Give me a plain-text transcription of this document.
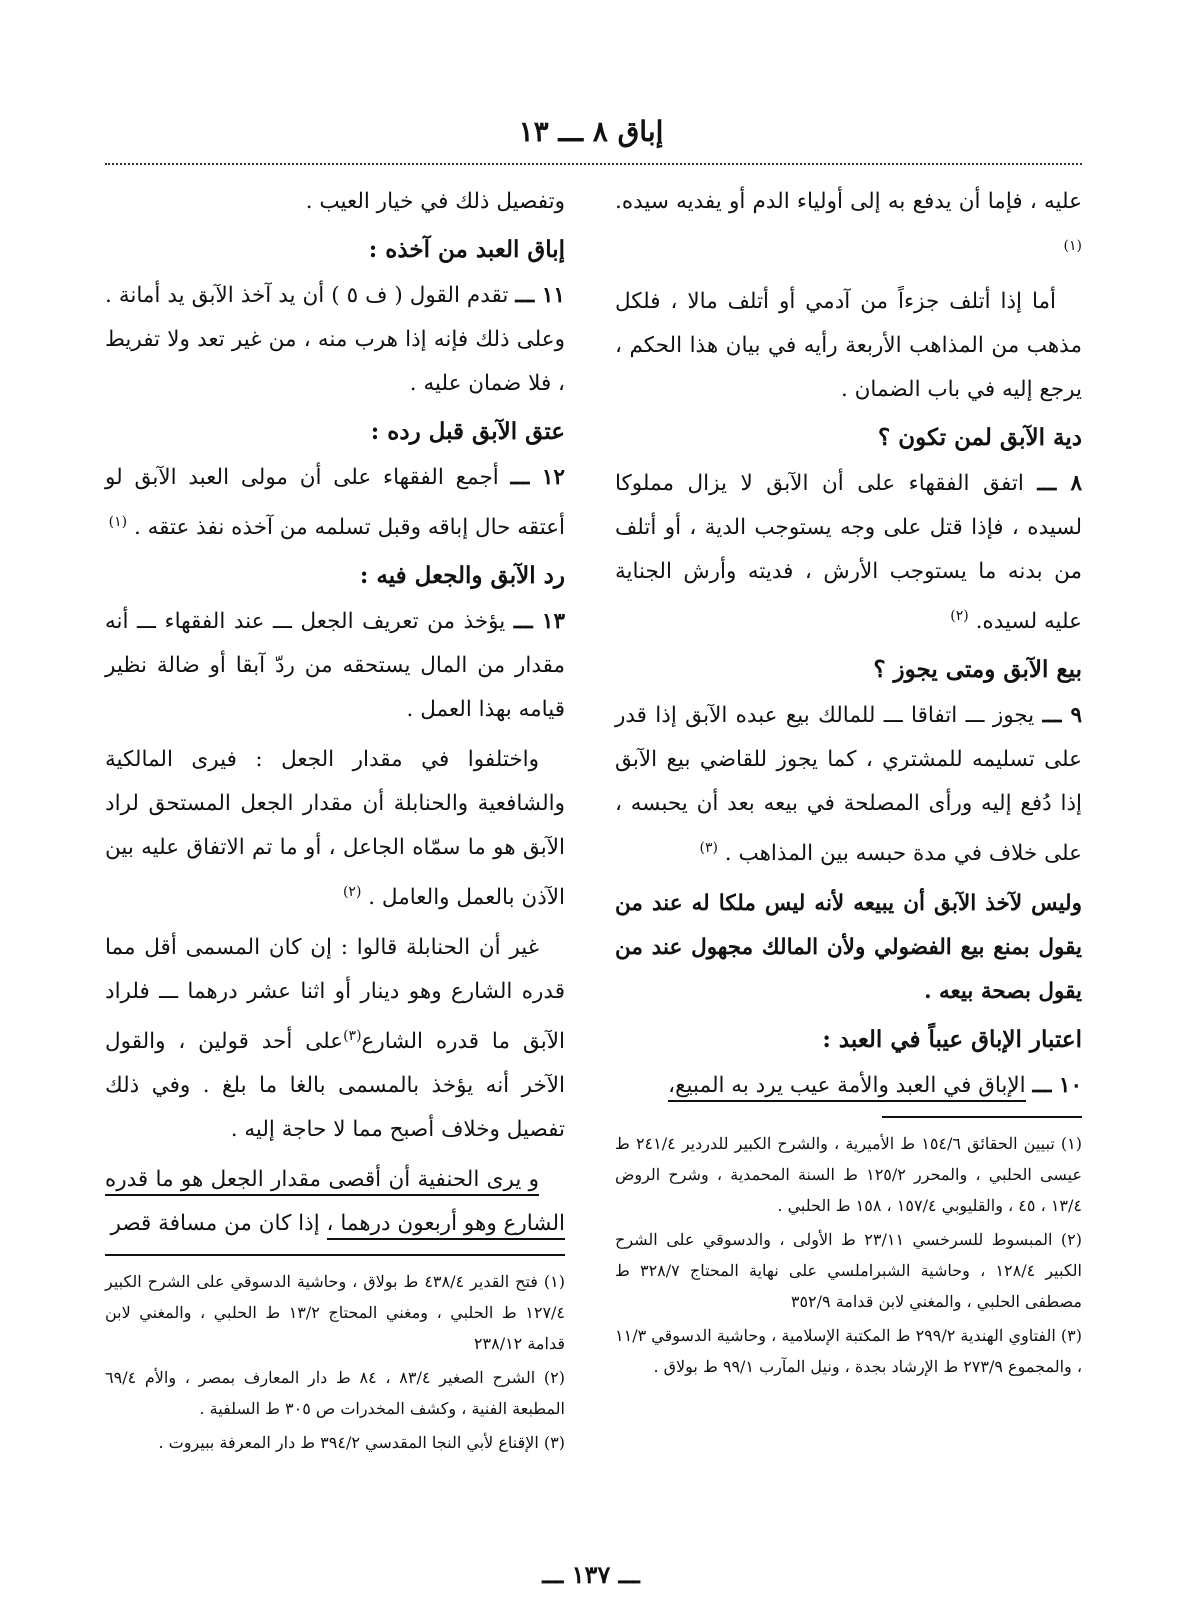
إباق ٨ ـــ ١٣

عليه ، فإما أن يدفع به إلى أولياء الدم أو يفديه سيده. $^{(١)}$

أما إذا أتلف جزءاً من آدمي أو أتلف مالا ، فلكل مذهب من المذاهب الأربعة رأيه في بيان هذا الحكم ، يرجع إليه في باب الضمان .

دية الآبق لمن تكون ؟

٨ ـــ اتفق الفقهاء على أن الآبق لا يزال مملوكا لسيده ، فإذا قتل على وجه يستوجب الدية ، أو أتلف من بدنه ما يستوجب الأرش ، فديته وأرش الجناية عليه لسيده. $^{(٢)}$

بيع الآبق ومتى يجوز ؟

٩ ـــ يجوز ـــ اتفاقا ـــ للمالك بيع عبده الآبق إذا قدر على تسليمه للمشتري ، كما يجوز للقاضي بيع الآبق إذا دُفع إليه ورأى المصلحة في بيعه بعد أن يحبسه ، على خلاف في مدة حبسه بين المذاهب . $^{(٣)}$

وليس لآخذ الآبق أن يبيعه لأنه ليس ملكا له عند من يقول بمنع بيع الفضولي ولأن المالك مجهول عند من يقول بصحة بيعه .

اعتبار الإباق عيباً في العبد :

١٠ ـــ الإباق في العبد والأمة عيب يرد به المبيع،

(١) تبيين الحقائق ١٥٤/٦ ط الأميرية ، والشرح الكبير للدردير ٢٤١/٤ ط عيسى الحلبي ، والمحرر ١٢٥/٢ ط السنة المحمدية ، وشرح الروض ١٣/٤ ، ٤٥ ، والقليوبي ١٥٧/٤ ، ١٥٨ ط الحلبي .

(٢) المبسوط للسرخسي ٢٣/١١ ط الأولى ، والدسوقي على الشرح الكبير ١٢٨/٤ ، وحاشية الشبراملسي على نهاية المحتاج ٣٢٨/٧ ط مصطفى الحلبي ، والمغني لابن قدامة ٣٥٢/٩

(٣) الفتاوي الهندية ٢٩٩/٢ ط المكتبة الإسلامية ، وحاشية الدسوقي ١١/٣ ، والمجموع ٢٧٣/٩ ط الإرشاد بجدة ، ونيل المآرب ٩٩/١ ط بولاق .

وتفصيل ذلك في خيار العيب .

إباق العبد من آخذه :

١١ ـــ تقدم القول ( ف ٥ ) أن يد آخذ الآبق يد أمانة . وعلى ذلك فإنه إذا هرب منه ، من غير تعد ولا تفريط ، فلا ضمان عليه .

عتق الآبق قبل رده :

١٢ ـــ أجمع الفقهاء على أن مولى العبد الآبق لو أعتقه حال إباقه وقبل تسلمه من آخذه نفذ عتقه . $^{(١)}$

رد الآبق والجعل فيه :

١٣ ـــ يؤخذ من تعريف الجعل ـــ عند الفقهاء ـــ أنه مقدار من المال يستحقه من ردّ آبقا أو ضالة نظير قيامه بهذا العمل .

واختلفوا في مقدار الجعل : فيرى المالكية والشافعية والحنابلة أن مقدار الجعل المستحق لراد الآبق هو ما سمّاه الجاعل ، أو ما تم الاتفاق عليه بين الآذن بالعمل والعامل . $^{(٢)}$

غير أن الحنابلة قالوا : إن كان المسمى أقل مما قدره الشارع وهو دينار أو اثنا عشر درهما ـــ فلراد الآبق ما قدره الشارع$^{(٣)}$على أحد قولين ، والقول الآخر أنه يؤخذ بالمسمى بالغا ما بلغ . وفي ذلك تفصيل وخلاف أصبح مما لا حاجة إليه .

و يرى الحنفية أن أقصى مقدار الجعل هو ما قدره الشارع وهو أربعون درهما ، إذا كان من مسافة قصر

(١) فتح القدير ٤٣٨/٤ ط بولاق ، وحاشية الدسوقي على الشرح الكبير ١٢٧/٤ ط الحلبي ، ومغني المحتاج ١٣/٢ ط الحلبي ، والمغني لابن قدامة ٢٣٨/١٢

(٢) الشرح الصغير ٨٣/٤ ، ٨٤ ط دار المعارف بمصر ، والأم ٦٩/٤ المطبعة الفنية ، وكشف المخدرات ص ٣٠٥ ط السلفية .

(٣) الإقناع لأبي النجا المقدسي ٣٩٤/٢ ط دار المعرفة ببيروت .

ـــ ١٣٧ ـــ
